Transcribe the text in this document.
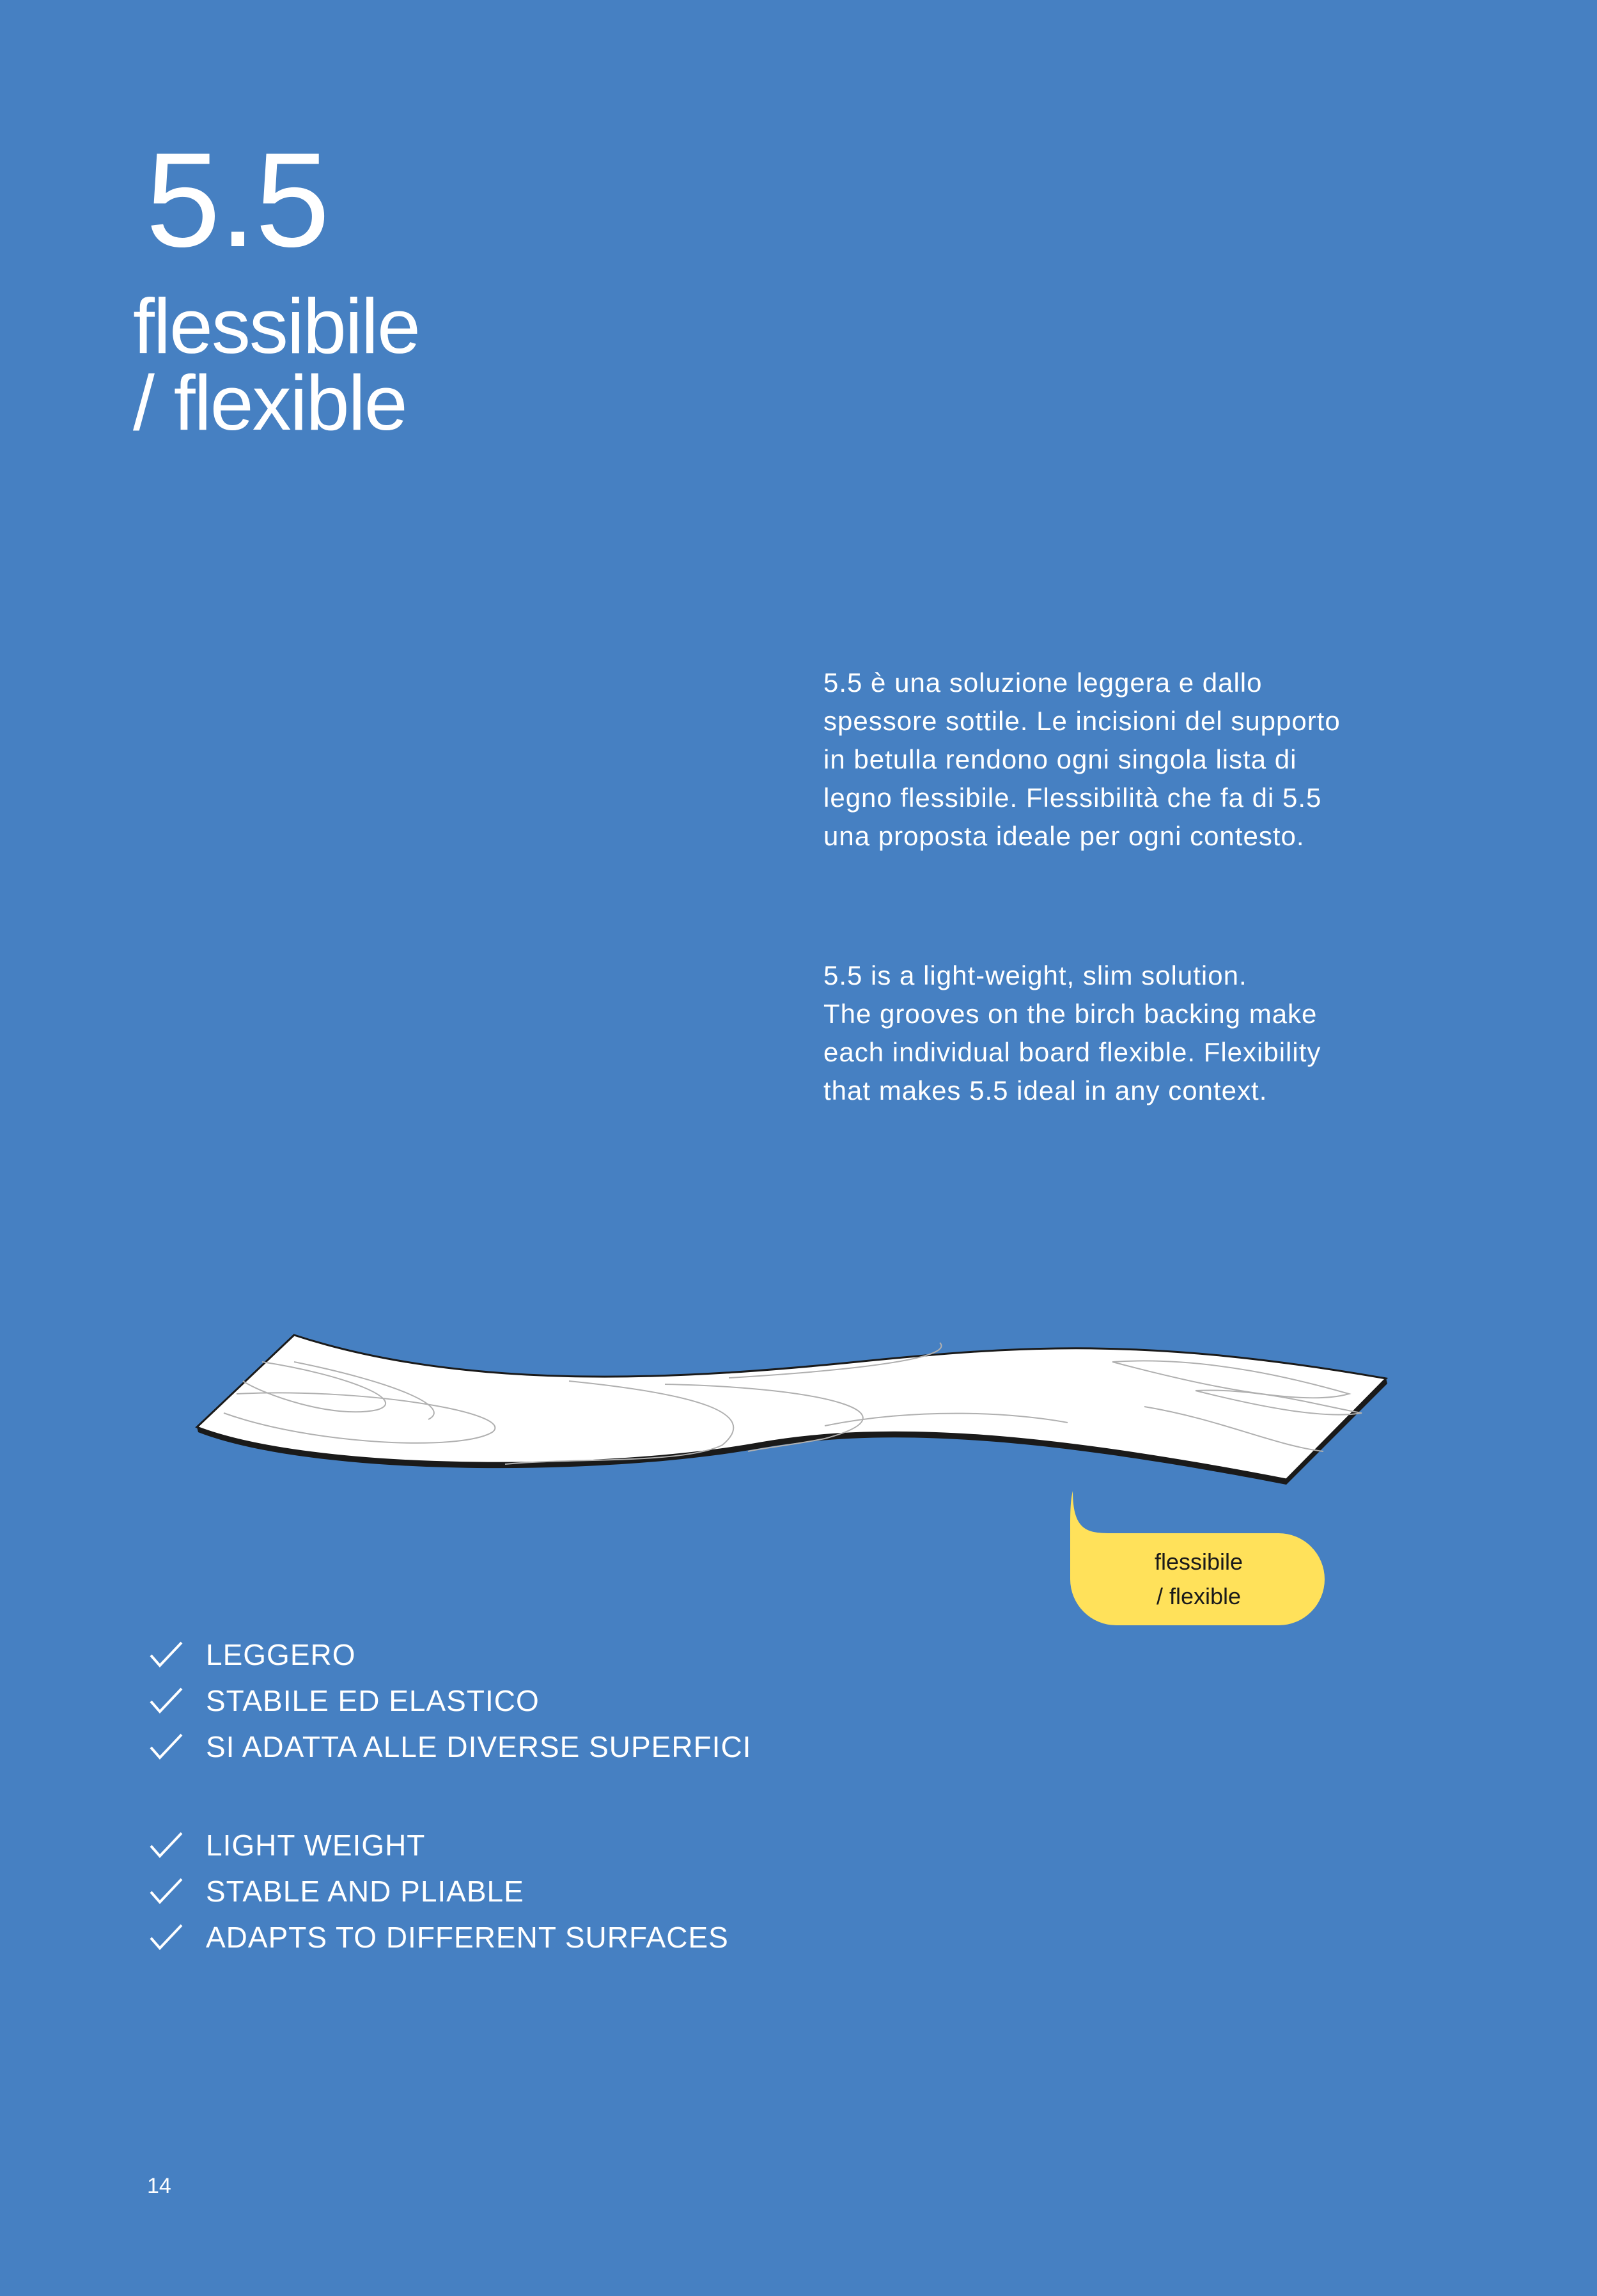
5.5
flessibile
/ flexible
5.5 è una soluzione leggera e dallo
spessore sottile. Le incisioni del supporto
in betulla rendono ogni singola lista di
legno flessibile. Flessibilità che fa di 5.5
una proposta ideale per ogni contesto.
5.5 is a light-weight, slim solution.
The grooves on the birch backing make
each individual board flexible. Flexibility
that makes 5.5 ideal in any context.
flessibile
/ flexible
LEGGERO
STABILE ED ELASTICO
SI ADATTA ALLE DIVERSE SUPERFICI
LIGHT WEIGHT
STABLE AND PLIABLE
ADAPTS TO DIFFERENT SURFACES
14
